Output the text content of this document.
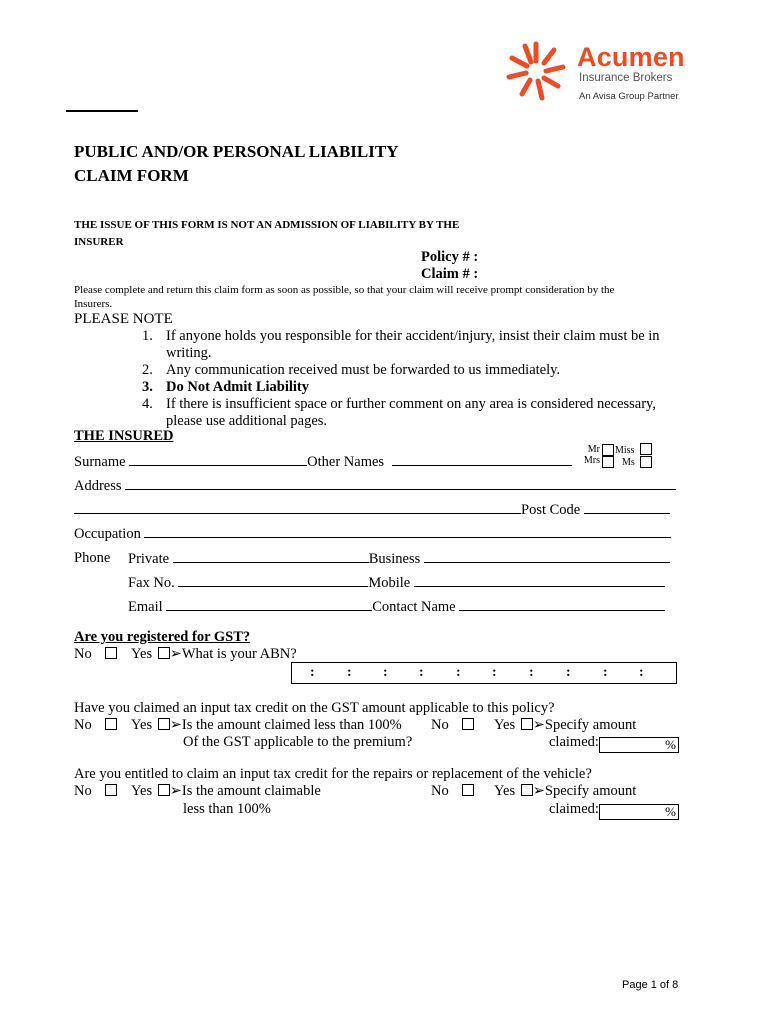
Acumen
Insurance Brokers
An Avisa Group Partner
PUBLIC AND/OR PERSONAL LIABILITY
CLAIM FORM
THE ISSUE OF THIS FORM IS NOT AN ADMISSION OF LIABILITY BY THE
INSURER
Policy # :
Claim # :
Please complete and return this claim form as soon as possible, so that your claim will receive prompt consideration by the
Insurers.
PLEASE NOTE
1. If anyone holds you responsible for their accident/injury, insist their claim must be in
writing.
2. Any communication received must be forwarded to us immediately.
3. Do Not Admit Liability
4. If there is insufficient space or further comment on any area is considered necessary,
please use additional pages.
THE INSURED
Surname	Other Names
Mr Miss
Mrs Ms
Address
Post Code
Occupation
Phone Private	Business
Fax No.	Mobile
Email	Contact Name
Are you registered for GST?
No	Yes ➢What is your ABN?
: : : : : : : : : :
Have you claimed an input tax credit on the GST amount applicable to this policy?
No	Yes ➢Is the amount claimed less than 100% No	Yes ➢Specify amount
Of the GST applicable to the premium?	claimed:	%
Are you entitled to claim an input tax credit for the repairs or replacement of the vehicle?
No	Yes ➢Is the amount claimable	No	Yes ➢Specify amount
less than 100%	claimed:	%
Page 1 of 8
